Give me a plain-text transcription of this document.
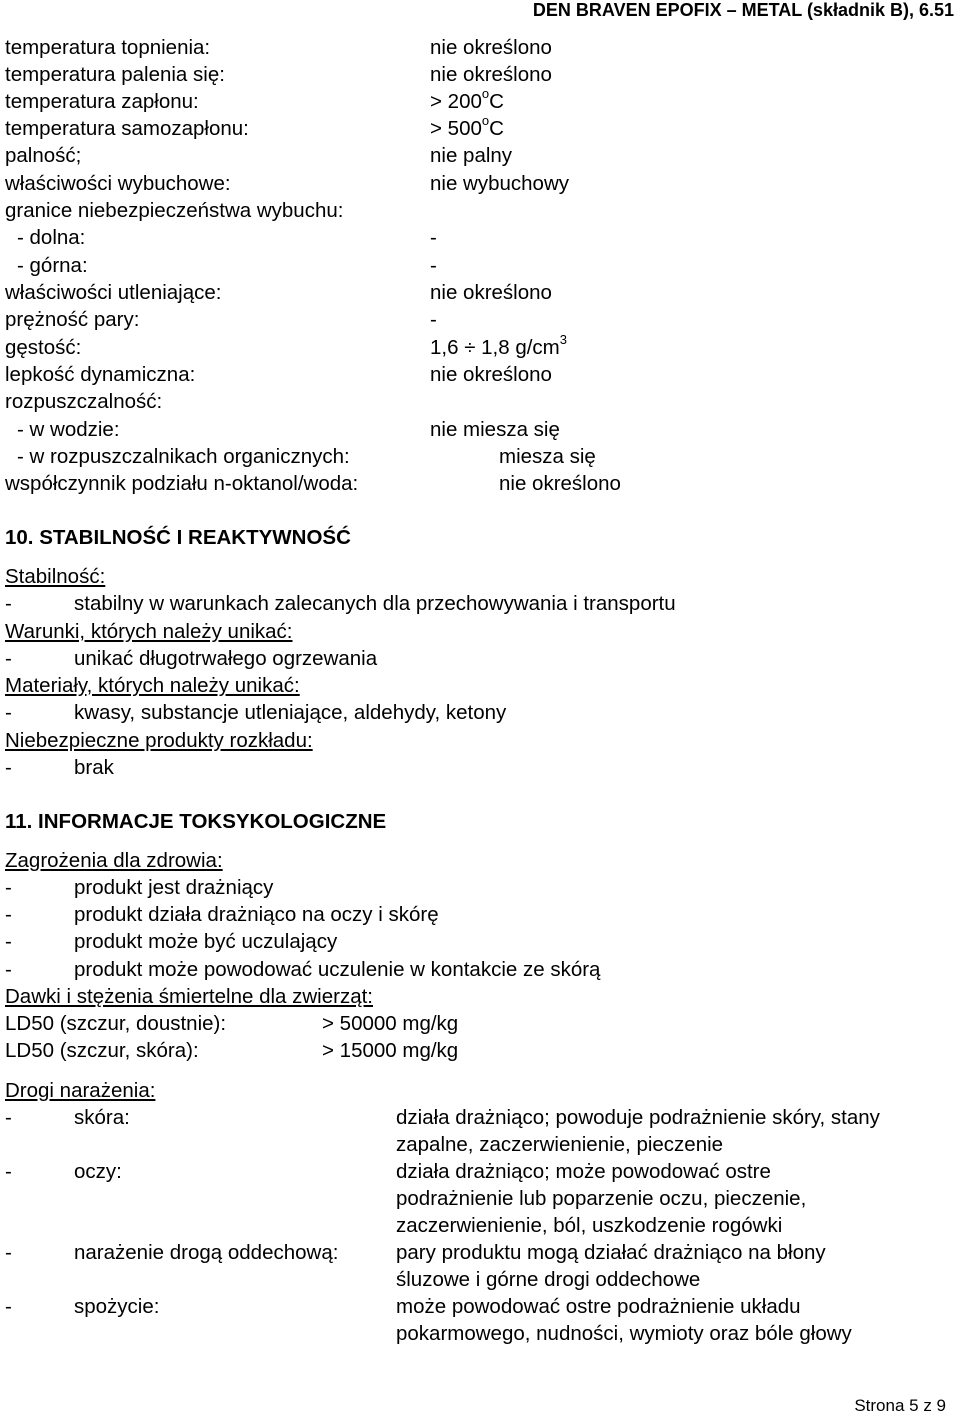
DEN BRAVEN EPOFIX – METAL (składnik B), 6.51
temperatura topnienia:	nie określono
temperatura palenia się:	nie określono
temperatura zapłonu:	> $200^oC$
temperatura samozapłonu:	> $500^oC$
palność;	nie palny
właściwości wybuchowe:	nie wybuchowy
granice niebezpieczeństwa wybuchu:
- dolna:	-
- górna:	-
właściwości utleniające:	nie określono
prężność pary:	-
gęstość:	1,6 ÷ 1,8 $g/cm^3$
lepkość dynamiczna:	nie określono
rozpuszczalność:
- w wodzie:	nie miesza się
- w rozpuszczalnikach organicznych:	miesza się
współczynnik podziału n-oktanol/woda:	nie określono
10. STABILNOŚĆ I REAKTYWNOŚĆ
Stabilność:
-	stabilny w warunkach zalecanych dla przechowywania i transportu
Warunki, których należy unikać:
-	unikać długotrwałego ogrzewania
Materiały, których należy unikać:
-	kwasy, substancje utleniające, aldehydy, ketony
Niebezpieczne produkty rozkładu:
-	brak
11. INFORMACJE TOKSYKOLOGICZNE
Zagrożenia dla zdrowia:
-	produkt jest drażniący
-	produkt działa drażniąco na oczy i skórę
-	produkt może być uczulający
-	produkt może powodować uczulenie w kontakcie ze skórą
Dawki i stężenia śmiertelne dla zwierząt:
LD50 (szczur, doustnie):	> 50000 mg/kg
LD50 (szczur, skóra):	> 15000 mg/kg
Drogi narażenia:
-	skóra:	działa drażniąco; powoduje podrażnienie skóry, stany
zapalne, zaczerwienienie, pieczenie
-	oczy:	działa drażniąco; może powodować ostre
podrażnienie lub poparzenie oczu, pieczenie,
zaczerwienienie, ból, uszkodzenie rogówki
-	narażenie drogą oddechową:	pary produktu mogą działać drażniąco na błony
śluzowe i górne drogi oddechowe
-	spożycie:	może powodować ostre podrażnienie układu
pokarmowego, nudności, wymioty oraz bóle głowy
Strona 5 z 9
